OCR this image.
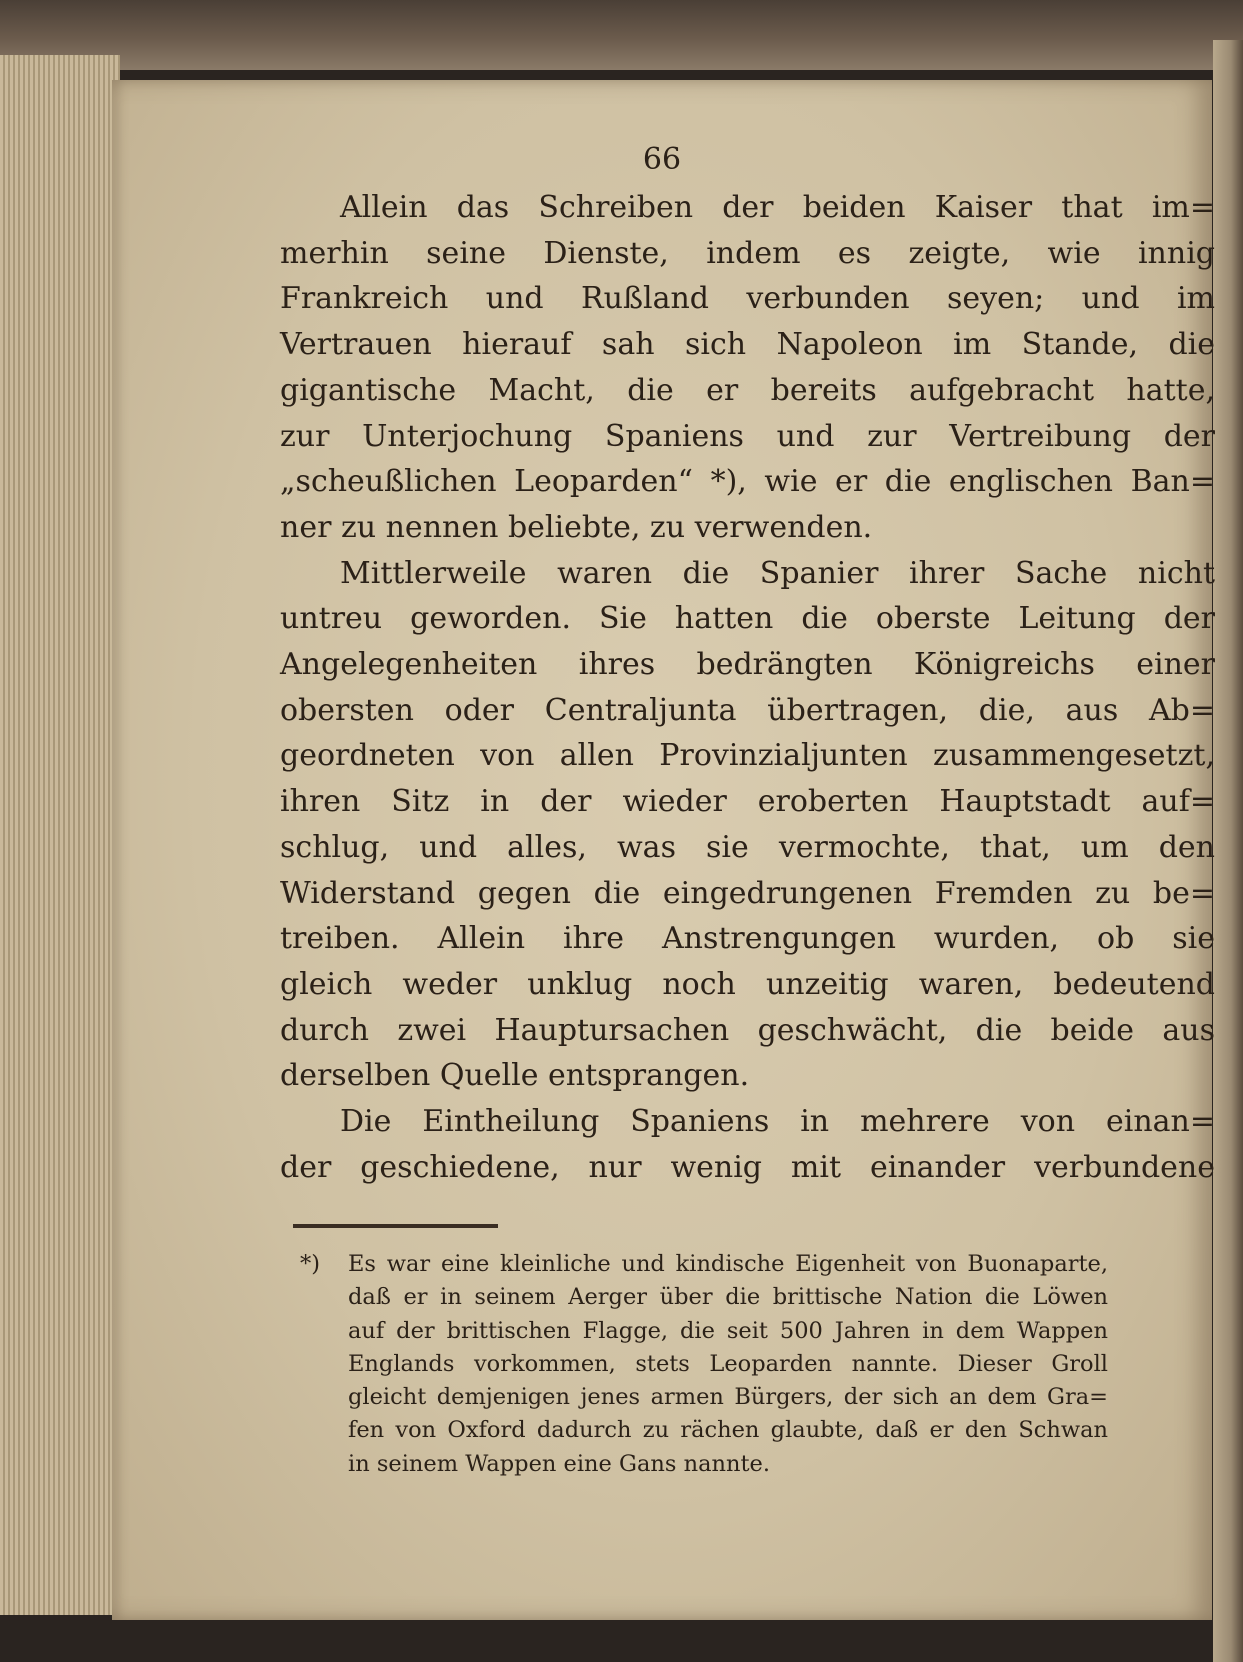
66
Allein das Schreiben der beiden Kaiser that im=
merhin seine Dienste, indem es zeigte, wie innig
Frankreich und Rußland verbunden seyen; und im
Vertrauen hierauf sah sich Napoleon im Stande, die
gigantische Macht, die er bereits aufgebracht hatte,
zur Unterjochung Spaniens und zur Vertreibung der
„scheußlichen Leoparden“ *), wie er die englischen Ban=
ner zu nennen beliebte, zu verwenden.
Mittlerweile waren die Spanier ihrer Sache nicht
untreu geworden. Sie hatten die oberste Leitung der
Angelegenheiten ihres bedrängten Königreichs einer
obersten oder Centraljunta übertragen, die, aus Ab=
geordneten von allen Provinzialjunten zusammengesetzt,
ihren Sitz in der wieder eroberten Hauptstadt auf=
schlug, und alles, was sie vermochte, that, um den
Widerstand gegen die eingedrungenen Fremden zu be=
treiben. Allein ihre Anstrengungen wurden, ob sie
gleich weder unklug noch unzeitig waren, bedeutend
durch zwei Hauptursachen geschwächt, die beide aus
derselben Quelle entsprangen.
Die Eintheilung Spaniens in mehrere von einan=
der geschiedene, nur wenig mit einander verbundene
*) Es war eine kleinliche und kindische Eigenheit von Buonaparte,
daß er in seinem Aerger über die brittische Nation die Löwen
auf der brittischen Flagge, die seit 500 Jahren in dem Wappen
Englands vorkommen, stets Leoparden nannte. Dieser Groll
gleicht demjenigen jenes armen Bürgers, der sich an dem Gra=
fen von Oxford dadurch zu rächen glaubte, daß er den Schwan
in seinem Wappen eine Gans nannte.
